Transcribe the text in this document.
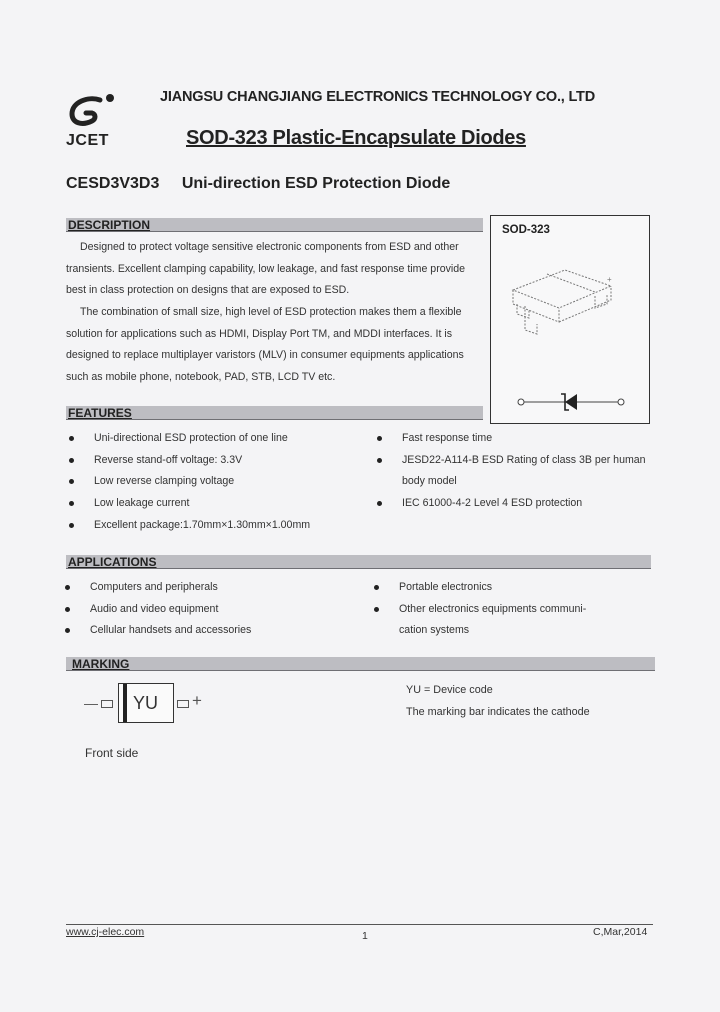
JCET
JIANGSU CHANGJIANG ELECTRONICS TECHNOLOGY CO., LTD
SOD-323 Plastic-Encapsulate Diodes
CESD3V3D3 Uni-direction ESD Protection Diode
DESCRIPTION
Designed to protect voltage sensitive electronic components from ESD and other transients. Excellent clamping capability, low leakage, and fast response time provide best in class protection on designs that are exposed to ESD.
The combination of small size, high level of ESD protection makes them a flexible solution for applications such as HDMI, Display Port TM, and MDDI interfaces. It is designed to replace multiplayer varistors (MLV) in consumer equipments applications such as mobile phone, notebook, PAD, STB, LCD TV etc.
SOD-323
+
FEATURES
Uni-directional ESD protection of one line
Reverse stand-off voltage: 3.3V
Low reverse clamping voltage
Low leakage current
Excellent package:1.70mm×1.30mm×1.00mm
Fast response time
JESD22-A114-B ESD Rating of class 3B per human
body model
IEC 61000-4-2 Level 4 ESD protection
APPLICATIONS
Computers and peripherals
Audio and video equipment
Cellular handsets and accessories
Portable electronics
Other electronics equipments communi-
cation systems
MARKING
— YU +
YU = Device code
The marking bar indicates the cathode
Front side
www.cj-elec.com	1	C,Mar,2014
